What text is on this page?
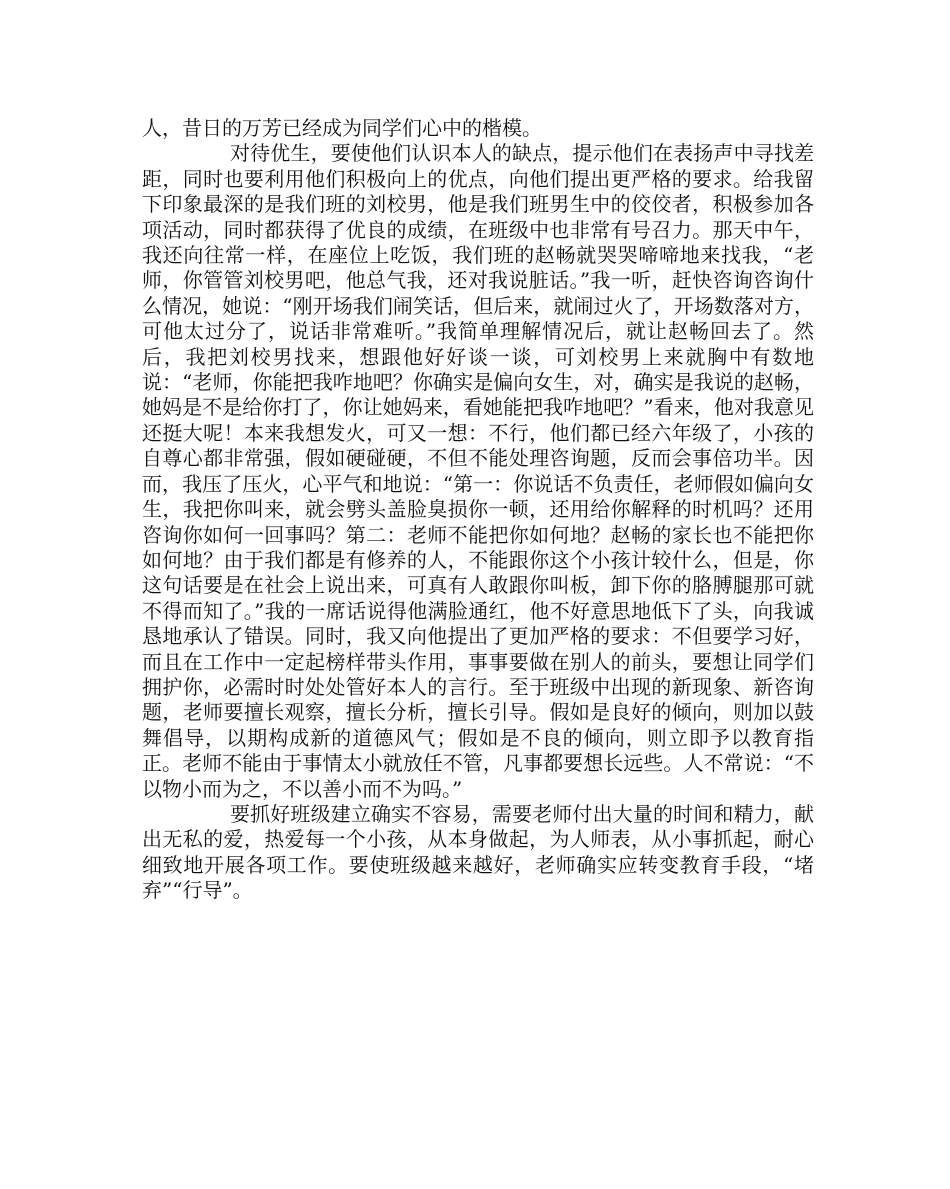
人，昔日的万芳已经成为同学们心中的楷模。

对待优生，要使他们认识本人的缺点，提示他们在表扬声中寻找差距，同时也要利用他们积极向上的优点，向他们提出更严格的要求。给我留下印象最深的是我们班的刘校男，他是我们班男生中的佼佼者，积极参加各项活动，同时都获得了优良的成绩，在班级中也非常有号召力。那天中午，我还向往常一样，在座位上吃饭，我们班的赵畅就哭哭啼啼地来找我，“老师，你管管刘校男吧，他总气我，还对我说脏话。”我一听，赶快咨询咨询什么情况，她说：“刚开场我们闹笑话，但后来，就闹过火了，开场数落对方，可他太过分了，说话非常难听。”我简单理解情况后，就让赵畅回去了。然后，我把刘校男找来，想跟他好好谈一谈，可刘校男上来就胸中有数地说：“老师，你能把我咋地吧？你确实是偏向女生，对，确实是我说的赵畅，她妈是不是给你打了，你让她妈来，看她能把我咋地吧？”看来，他对我意见还挺大呢！本来我想发火，可又一想：不行，他们都已经六年级了，小孩的自尊心都非常强，假如硬碰硬，不但不能处理咨询题，反而会事倍功半。因而，我压了压火，心平气和地说：“第一：你说话不负责任，老师假如偏向女生，我把你叫来，就会劈头盖脸臭损你一顿，还用给你解释的时机吗？还用咨询你如何一回事吗？第二：老师不能把你如何地？赵畅的家长也不能把你如何地？由于我们都是有修养的人，不能跟你这个小孩计较什么，但是，你这句话要是在社会上说出来，可真有人敢跟你叫板，卸下你的胳膊腿那可就不得而知了。”我的一席话说得他满脸通红，他不好意思地低下了头，向我诚恳地承认了错误。同时，我又向他提出了更加严格的要求：不但要学习好，而且在工作中一定起榜样带头作用，事事要做在别人的前头，要想让同学们拥护你，必需时时处处管好本人的言行。至于班级中出现的新现象、新咨询题，老师要擅长观察，擅长分析，擅长引导。假如是良好的倾向，则加以鼓舞倡导，以期构成新的道德风气；假如是不良的倾向，则立即予以教育指正。老师不能由于事情太小就放任不管，凡事都要想长远些。人不常说：“不以物小而为之，不以善小而不为吗。”

要抓好班级建立确实不容易，需要老师付出大量的时间和精力，献出无私的爱，热爱每一个小孩，从本身做起，为人师表，从小事抓起，耐心细致地开展各项工作。要使班级越来越好，老师确实应转变教育手段，“堵弃”“行导”。
